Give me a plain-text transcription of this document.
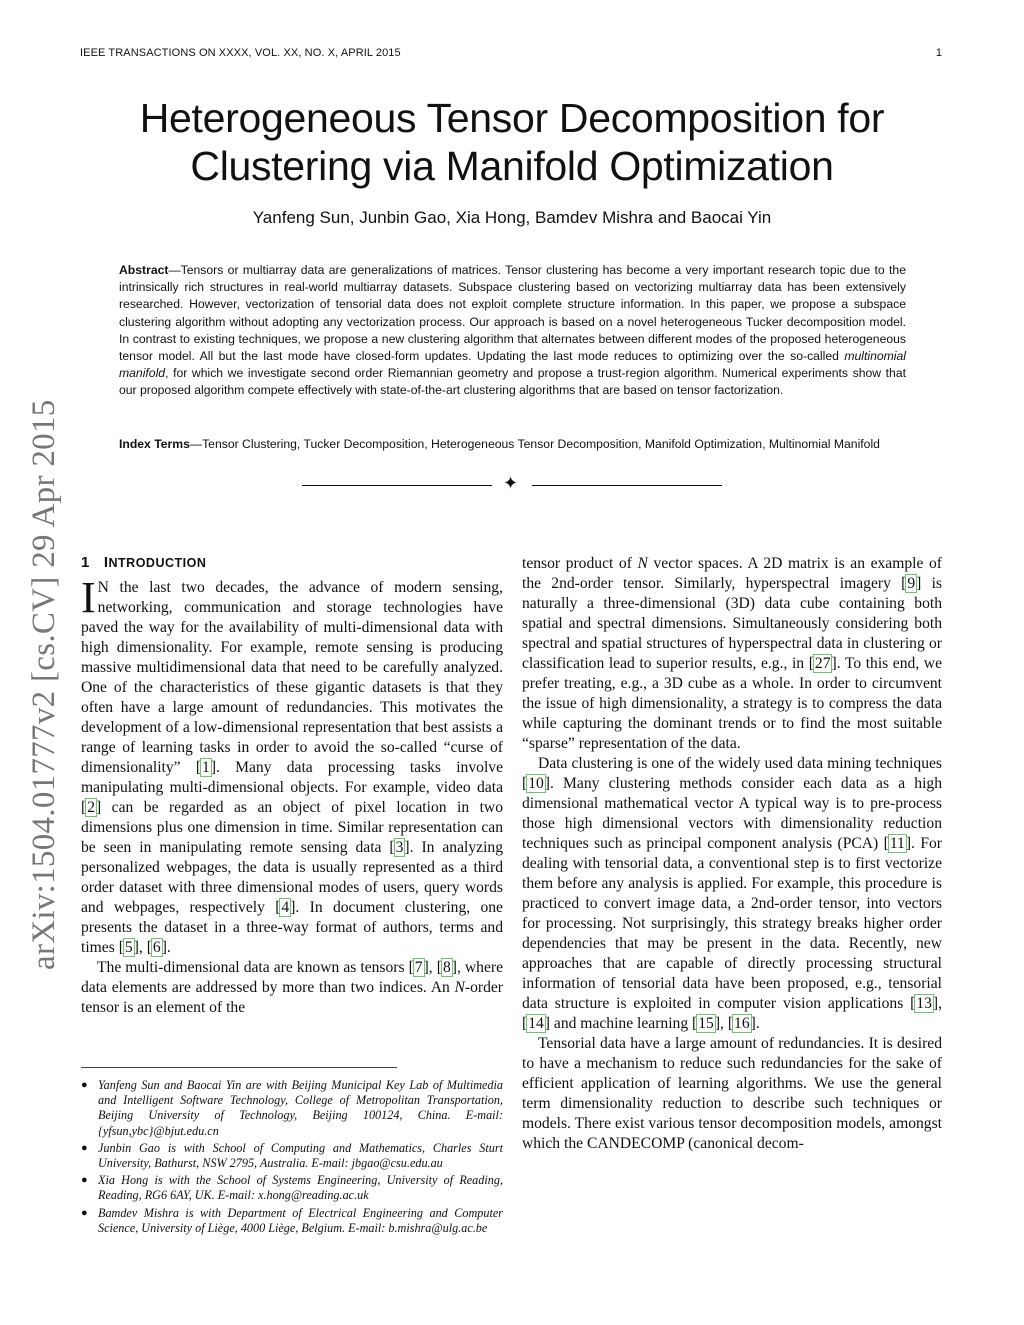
IEEE TRANSACTIONS ON XXXX, VOL. XX, NO. X, APRIL 2015	1
Heterogeneous Tensor Decomposition for
Clustering via Manifold Optimization
Yanfeng Sun, Junbin Gao, Xia Hong, Bamdev Mishra and Baocai Yin
Abstract—Tensors or multiarray data are generalizations of matrices. Tensor clustering has become a very important research topic due to the intrinsically rich structures in real-world multiarray datasets. Subspace clustering based on vectorizing multiarray data has been extensively researched. However, vectorization of tensorial data does not exploit complete structure information. In this paper, we propose a subspace clustering algorithm without adopting any vectorization process. Our approach is based on a novel heterogeneous Tucker decomposition model. In contrast to existing techniques, we propose a new clustering algorithm that alternates between different modes of the proposed heterogeneous tensor model. All but the last mode have closed-form updates. Updating the last mode reduces to optimizing over the so-called multinomial manifold, for which we investigate second order Riemannian geometry and propose a trust-region algorithm. Numerical experiments show that our proposed algorithm compete effectively with state-of-the-art clustering algorithms that are based on tensor factorization.
Index Terms—Tensor Clustering, Tucker Decomposition, Heterogeneous Tensor Decomposition, Manifold Optimization, Multinomial Manifold
✦
arXiv:1504.01777v2 [cs.CV] 29 Apr 2015 1 INTRODUCTION

I N the last two decades, the advance of modern sensing, networking, communication and storage technologies have paved the way for the availability of multi-dimensional data with high dimensionality. For example, remote sensing is producing massive multidimensional data that need to be carefully analyzed. One of the characteristics of these gigantic datasets is that they often have a large amount of redundancies. This motivates the development of a low-dimensional representation that best assists a range of learning tasks in order to avoid the so-called “curse of dimensionality” [1]. Many data processing tasks involve manipulating multi-dimensional objects. For example, video data [2] can be regarded as an object of pixel location in two dimensions plus one dimension in time. Similar representation can be seen in manipulating remote sensing data [3]. In analyzing personalized webpages, the data is usually represented as a third order dataset with three dimensional modes of users, query words and webpages, respectively [4]. In document clustering, one presents the dataset in a three-way format of authors, terms and times [5], [6].

The multi-dimensional data are known as tensors [7], [8], where data elements are addressed by more than two indices. An N-order tensor is an element of the

● Yanfeng Sun and Baocai Yin are with Beijing Municipal Key Lab of Multimedia and Intelligent Software Technology, College of Metropolitan Transportation, Beijing University of Technology, Beijing 100124, China. E-mail: {yfsun,ybc}@bjut.edu.cn
● Junbin Gao is with School of Computing and Mathematics, Charles Sturt University, Bathurst, NSW 2795, Australia. E-mail: jbgao@csu.edu.au
● Xia Hong is with the School of Systems Engineering, University of Reading, Reading, RG6 6AY, UK. E-mail: x.hong@reading.ac.uk
● Bamdev Mishra is with Department of Electrical Engineering and Computer Science, University of Liège, 4000 Liège, Belgium. E-mail: b.mishra@ulg.ac.be

tensor product of N vector spaces. A 2D matrix is an example of the 2nd-order tensor. Similarly, hyperspectral imagery [9] is naturally a three-dimensional (3D) data cube containing both spatial and spectral dimensions. Simultaneously considering both spectral and spatial structures of hyperspectral data in clustering or classification lead to superior results, e.g., in [27]. To this end, we prefer treating, e.g., a 3D cube as a whole. In order to circumvent the issue of high dimensionality, a strategy is to compress the data while capturing the dominant trends or to find the most suitable “sparse” representation of the data.

Data clustering is one of the widely used data mining techniques [10]. Many clustering methods consider each data as a high dimensional mathematical vector A typical way is to pre-process those high dimensional vectors with dimensionality reduction techniques such as principal component analysis (PCA) [11]. For dealing with tensorial data, a conventional step is to first vectorize them before any analysis is applied. For example, this procedure is practiced to convert image data, a 2nd-order tensor, into vectors for processing. Not surprisingly, this strategy breaks higher order dependencies that may be present in the data. Recently, new approaches that are capable of directly processing structural information of tensorial data have been proposed, e.g., tensorial data structure is exploited in computer vision applications [13], [14] and machine learning [15], [16].

Tensorial data have a large amount of redundancies. It is desired to have a mechanism to reduce such redundancies for the sake of efficient application of learning algorithms. We use the general term dimensionality reduction to describe such techniques or models. There exist various tensor decomposition models, amongst which the CANDECOMP (canonical decom-
